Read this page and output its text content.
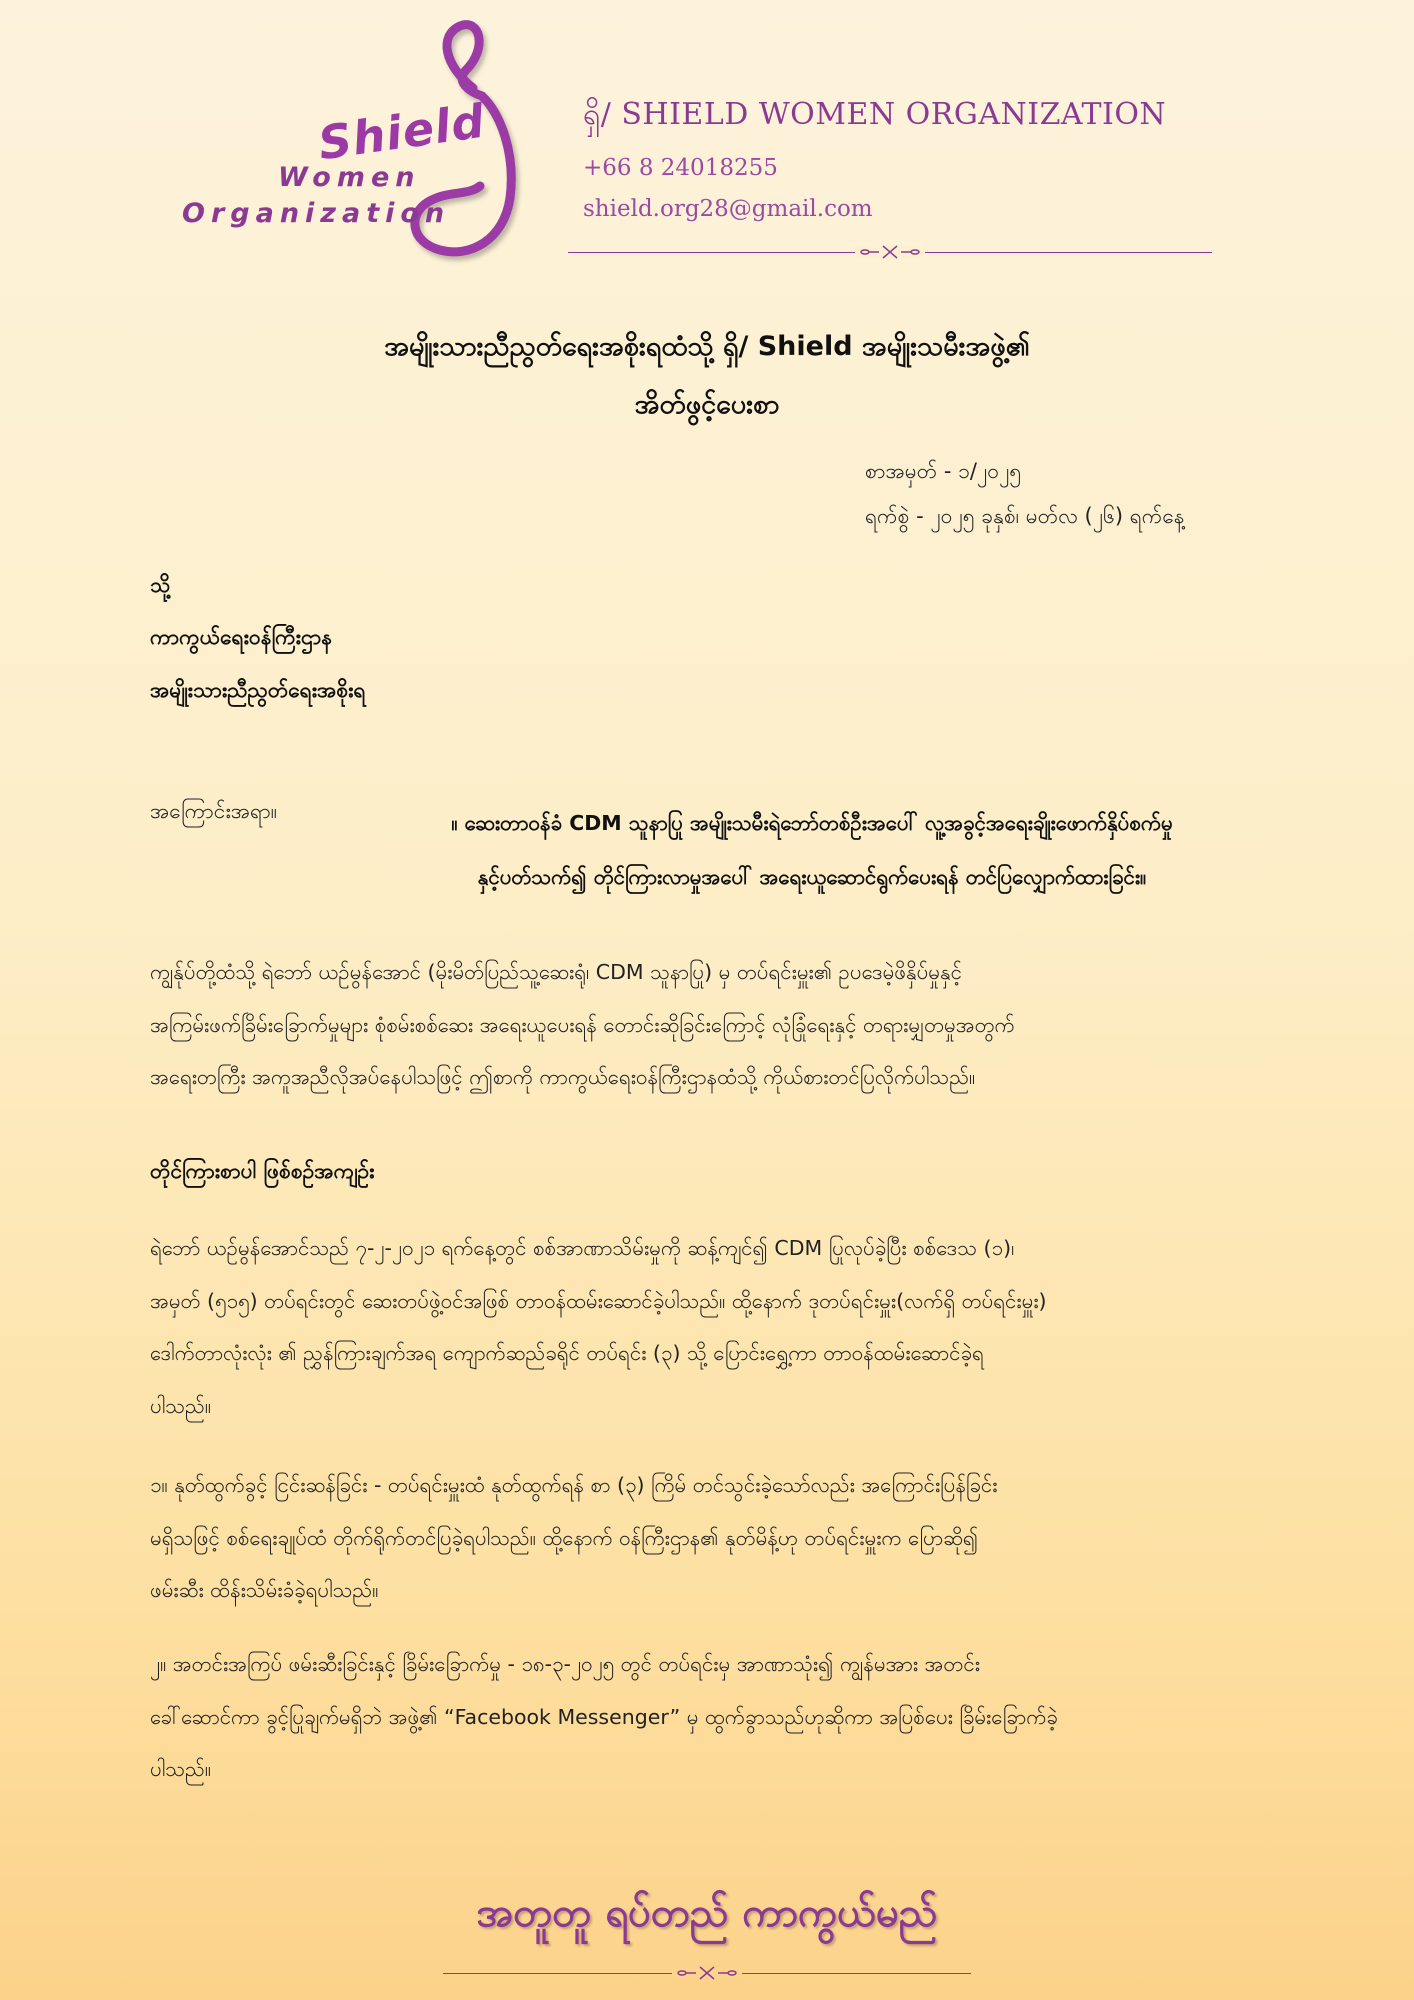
Shield
Women
Organization
ရှိ/ SHIELD WOMEN ORGANIZATION
+66 8 24018255
shield.org28@gmail.com
အမျိုးသားညီညွတ်ရေးအစိုးရထံသို့ ရှိ/ Shield အမျိုးသမီးအဖွဲ့၏
အိတ်ဖွင့်ပေးစာ
စာအမှတ် - ၁/၂၀၂၅
ရက်စွဲ - ၂၀၂၅ ခုနှစ်၊ မတ်လ (၂၆) ရက်နေ့
သို့
ကာကွယ်ရေးဝန်ကြီးဌာန
အမျိုးသားညီညွတ်ရေးအစိုးရ
အကြောင်းအရာ။	။ ဆေးတာဝန်ခံ CDM သူနာပြု အမျိုးသမီးရဲဘော်တစ်ဦးအပေါ် လူ့အခွင့်အရေးချိုးဖောက်နှိပ်စက်မှု
နှင့်ပတ်သက်၍ တိုင်ကြားလာမှုအပေါ် အရေးယူဆောင်ရွက်ပေးရန် တင်ပြလျှောက်ထားခြင်း။
ကျွန်ုပ်တို့ထံသို့ ရဲဘော် ယဉ်မွန်အောင် (မိုးမိတ်ပြည်သူ့ဆေးရုံ၊ CDM သူနာပြု) မှ တပ်ရင်းမှူး၏ ဥပဒေမဲ့ဖိနှိပ်မှုနှင့်
အကြမ်းဖက်ခြိမ်းခြောက်မှုများ စုံစမ်းစစ်ဆေး အရေးယူပေးရန် တောင်းဆိုခြင်းကြောင့် လုံခြုံရေးနှင့် တရားမျှတမှုအတွက်
အရေးတကြီး အကူအညီလိုအပ်နေပါသဖြင့် ဤစာကို ကာကွယ်ရေးဝန်ကြီးဌာနထံသို့ ကိုယ်စားတင်ပြလိုက်ပါသည်။
တိုင်ကြားစာပါ ဖြစ်စဉ်အကျဉ်း
ရဲဘော် ယဉ်မွန်အောင်သည် ၇-၂-၂၀၂၁ ရက်နေ့တွင် စစ်အာဏာသိမ်းမှုကို ဆန့်ကျင်၍ CDM ပြုလုပ်ခဲ့ပြီး စစ်ဒေသ (၁)၊
အမှတ် (၅၁၅) တပ်ရင်းတွင် ဆေးတပ်ဖွဲ့ဝင်အဖြစ် တာဝန်ထမ်းဆောင်ခဲ့ပါသည်။ ထို့နောက် ဒုတပ်ရင်းမှူး(လက်ရှိ တပ်ရင်းမှူး)
ဒေါက်တာလုံးလုံး ၏ ညွှန်ကြားချက်အရ ကျောက်ဆည်ခရိုင် တပ်ရင်း (၃) သို့ ပြောင်းရွှေ့ကာ တာဝန်ထမ်းဆောင်ခဲ့ရ
ပါသည်။
၁။ နုတ်ထွက်ခွင့် ငြင်းဆန်ခြင်း - တပ်ရင်းမှူးထံ နုတ်ထွက်ရန် စာ (၃) ကြိမ် တင်သွင်းခဲ့သော်လည်း အကြောင်းပြန်ခြင်း
မရှိသဖြင့် စစ်ရေးချုပ်ထံ တိုက်ရိုက်တင်ပြခဲ့ရပါသည်။ ထို့နောက် ဝန်ကြီးဌာန၏ နုတ်မိန့်ဟု တပ်ရင်းမှူးက ပြောဆို၍
ဖမ်းဆီး ထိန်းသိမ်းခံခဲ့ရပါသည်။
၂။ အတင်းအကြပ် ဖမ်းဆီးခြင်းနှင့် ခြိမ်းခြောက်မှု - ၁၈-၃-၂၀၂၅ တွင် တပ်ရင်းမှ အာဏာသုံး၍ ကျွန်မအား အတင်း
ခေါ်ဆောင်ကာ ခွင့်ပြုချက်မရှိဘဲ အဖွဲ့၏ “Facebook Messenger” မှ ထွက်ခွာသည်ဟုဆိုကာ အပြစ်ပေး ခြိမ်းခြောက်ခဲ့
ပါသည်။
အတူတူ ရပ်တည် ကာကွယ်မည်
